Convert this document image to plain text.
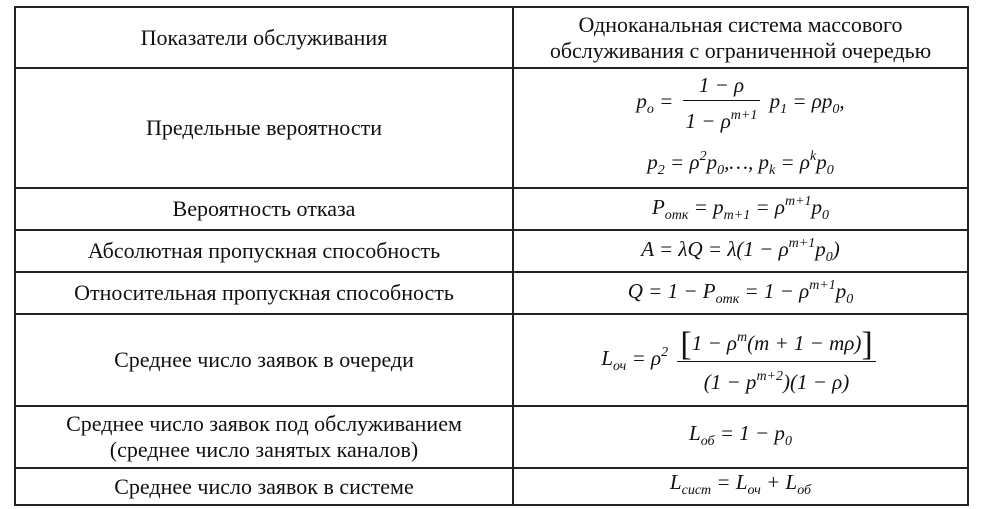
Показатели обслуживания	Одноканальная система массового обслуживания с ограниченной очередью
Предельные вероятности	$p_o = \frac{1 - \rho}{1 - \rho^{m+1}} p_1 = \rho p_0$,
$p_2$ = $\rho^2p_0,\dots$, $p_k = \rho^kp_0$

Вероятность отказа	$P_{отк} = p_{m+1} = \rho^{m+1}p_0$
Абсолютная пропускная способность	$A = \lambda Q = \lambda(1 - \rho^{m+1}p_0)$
Относительная пропускная способность	$Q = 1 - P_{отк} = 1 - \rho^{m+1}p_0$
Среднее число заявок в очереди	$L_{оч} = \rho^2 \frac{[1 - \rho^m(m + 1 - m\rho)]}{(1 - p^{m+2})(1 - \rho)}$

Среднее число заявок под обслуживанием
(среднее число занятых каналов)	$L_{об} = 1 - p_0$
Среднее число заявок в системе	$L_{сист} = L_{оч} + L_{об}$
